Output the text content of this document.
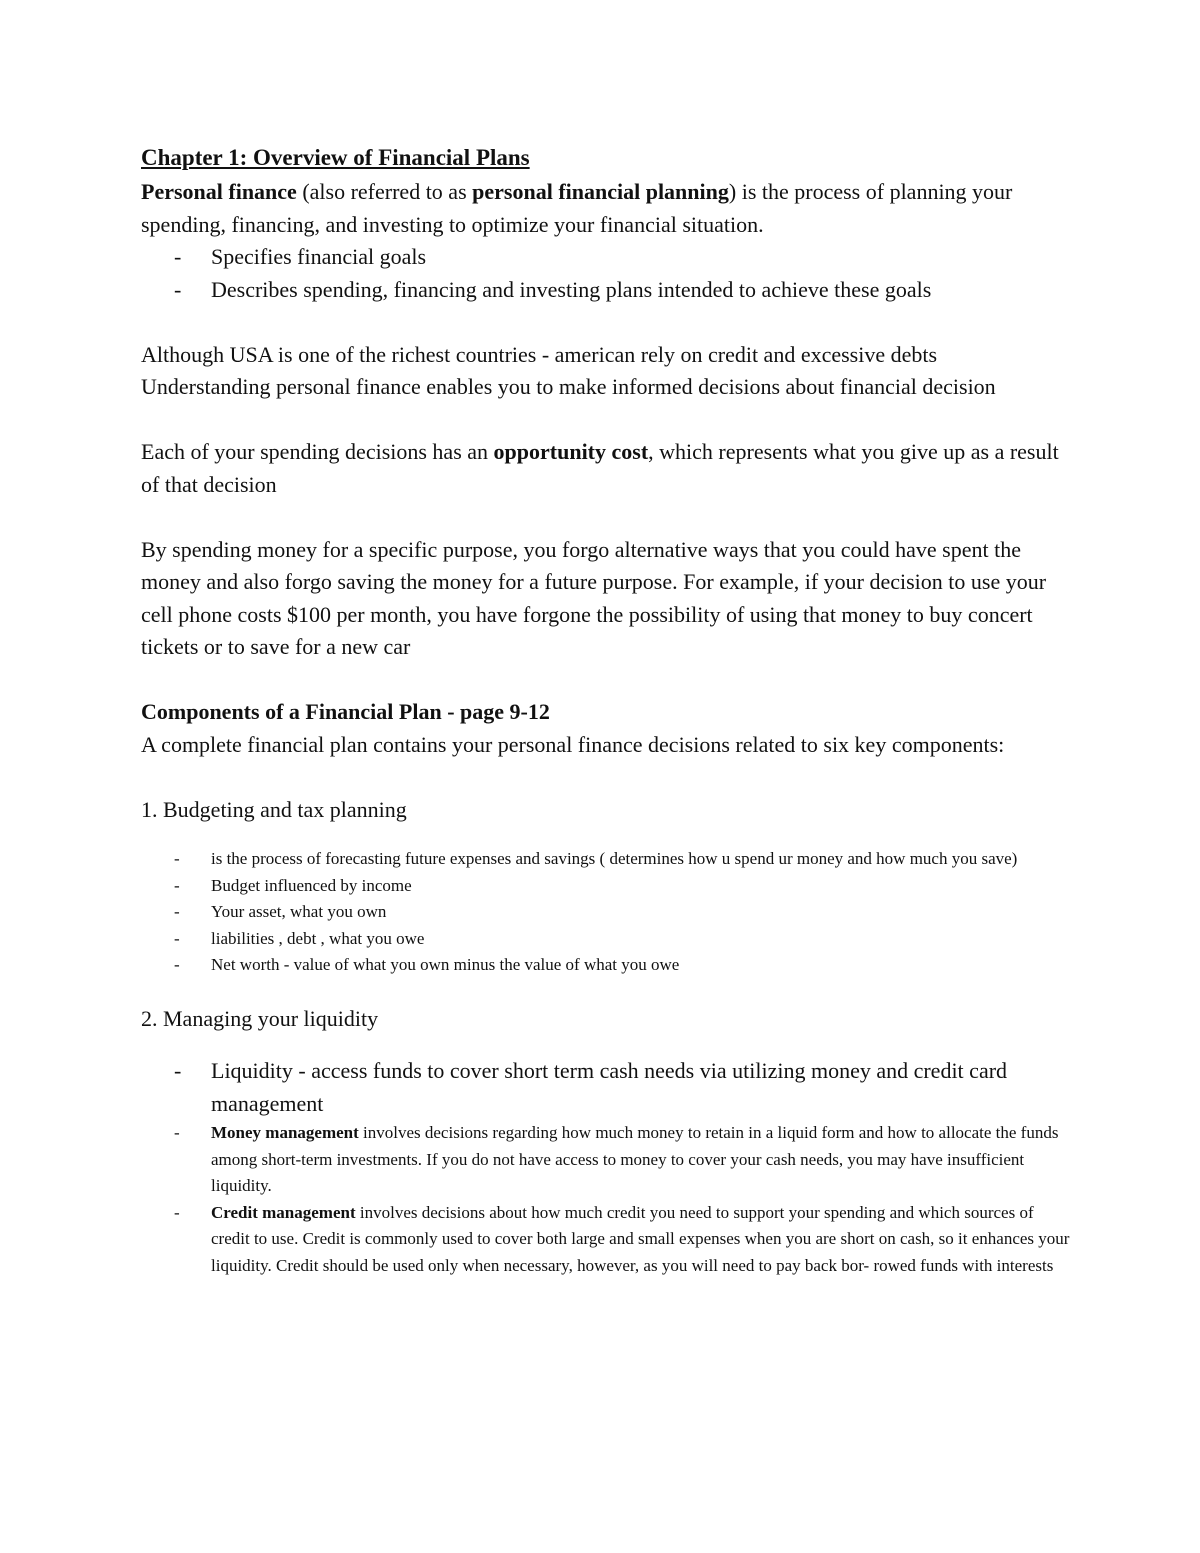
Chapter 1: Overview of Financial Plans

Personal finance (also referred to as personal financial planning) is the process of planning your spending, financing, and investing to optimize your financial situation.

- Specifies financial goals
- Describes spending, financing and investing plans intended to achieve these goals

Although USA is one of the richest countries - american rely on credit and excessive debts

Understanding personal finance enables you to make informed decisions about financial decision

Each of your spending decisions has an opportunity cost, which represents what you give up as a result of that decision

By spending money for a specific purpose, you forgo alternative ways that you could have spent the money and also forgo saving the money for a future purpose. For example, if your decision to use your cell phone costs $100 per month, you have forgone the possibility of using that money to buy concert tickets or to save for a new car

Components of a Financial Plan - page 9-12

A complete financial plan contains your personal finance decisions related to six key components:

1. Budgeting and tax planning

- is the process of forecasting future expenses and savings ( determines how u spend ur money and how much you save)
- Budget influenced by income
- Your asset, what you own
- liabilities , debt , what you owe
- Net worth - value of what you own minus the value of what you owe

2. Managing your liquidity

- Liquidity - access funds to cover short term cash needs via utilizing money and credit card management
- Money management involves decisions regarding how much money to retain in a liquid form and how to allocate the funds among short-term investments. If you do not have access to money to cover your cash needs, you may have insufficient liquidity.
- Credit management involves decisions about how much credit you need to support your spending and which sources of credit to use. Credit is commonly used to cover both large and small expenses when you are short on cash, so it enhances your liquidity. Credit should be used only when necessary, however, as you will need to pay back bor- rowed funds with interests
